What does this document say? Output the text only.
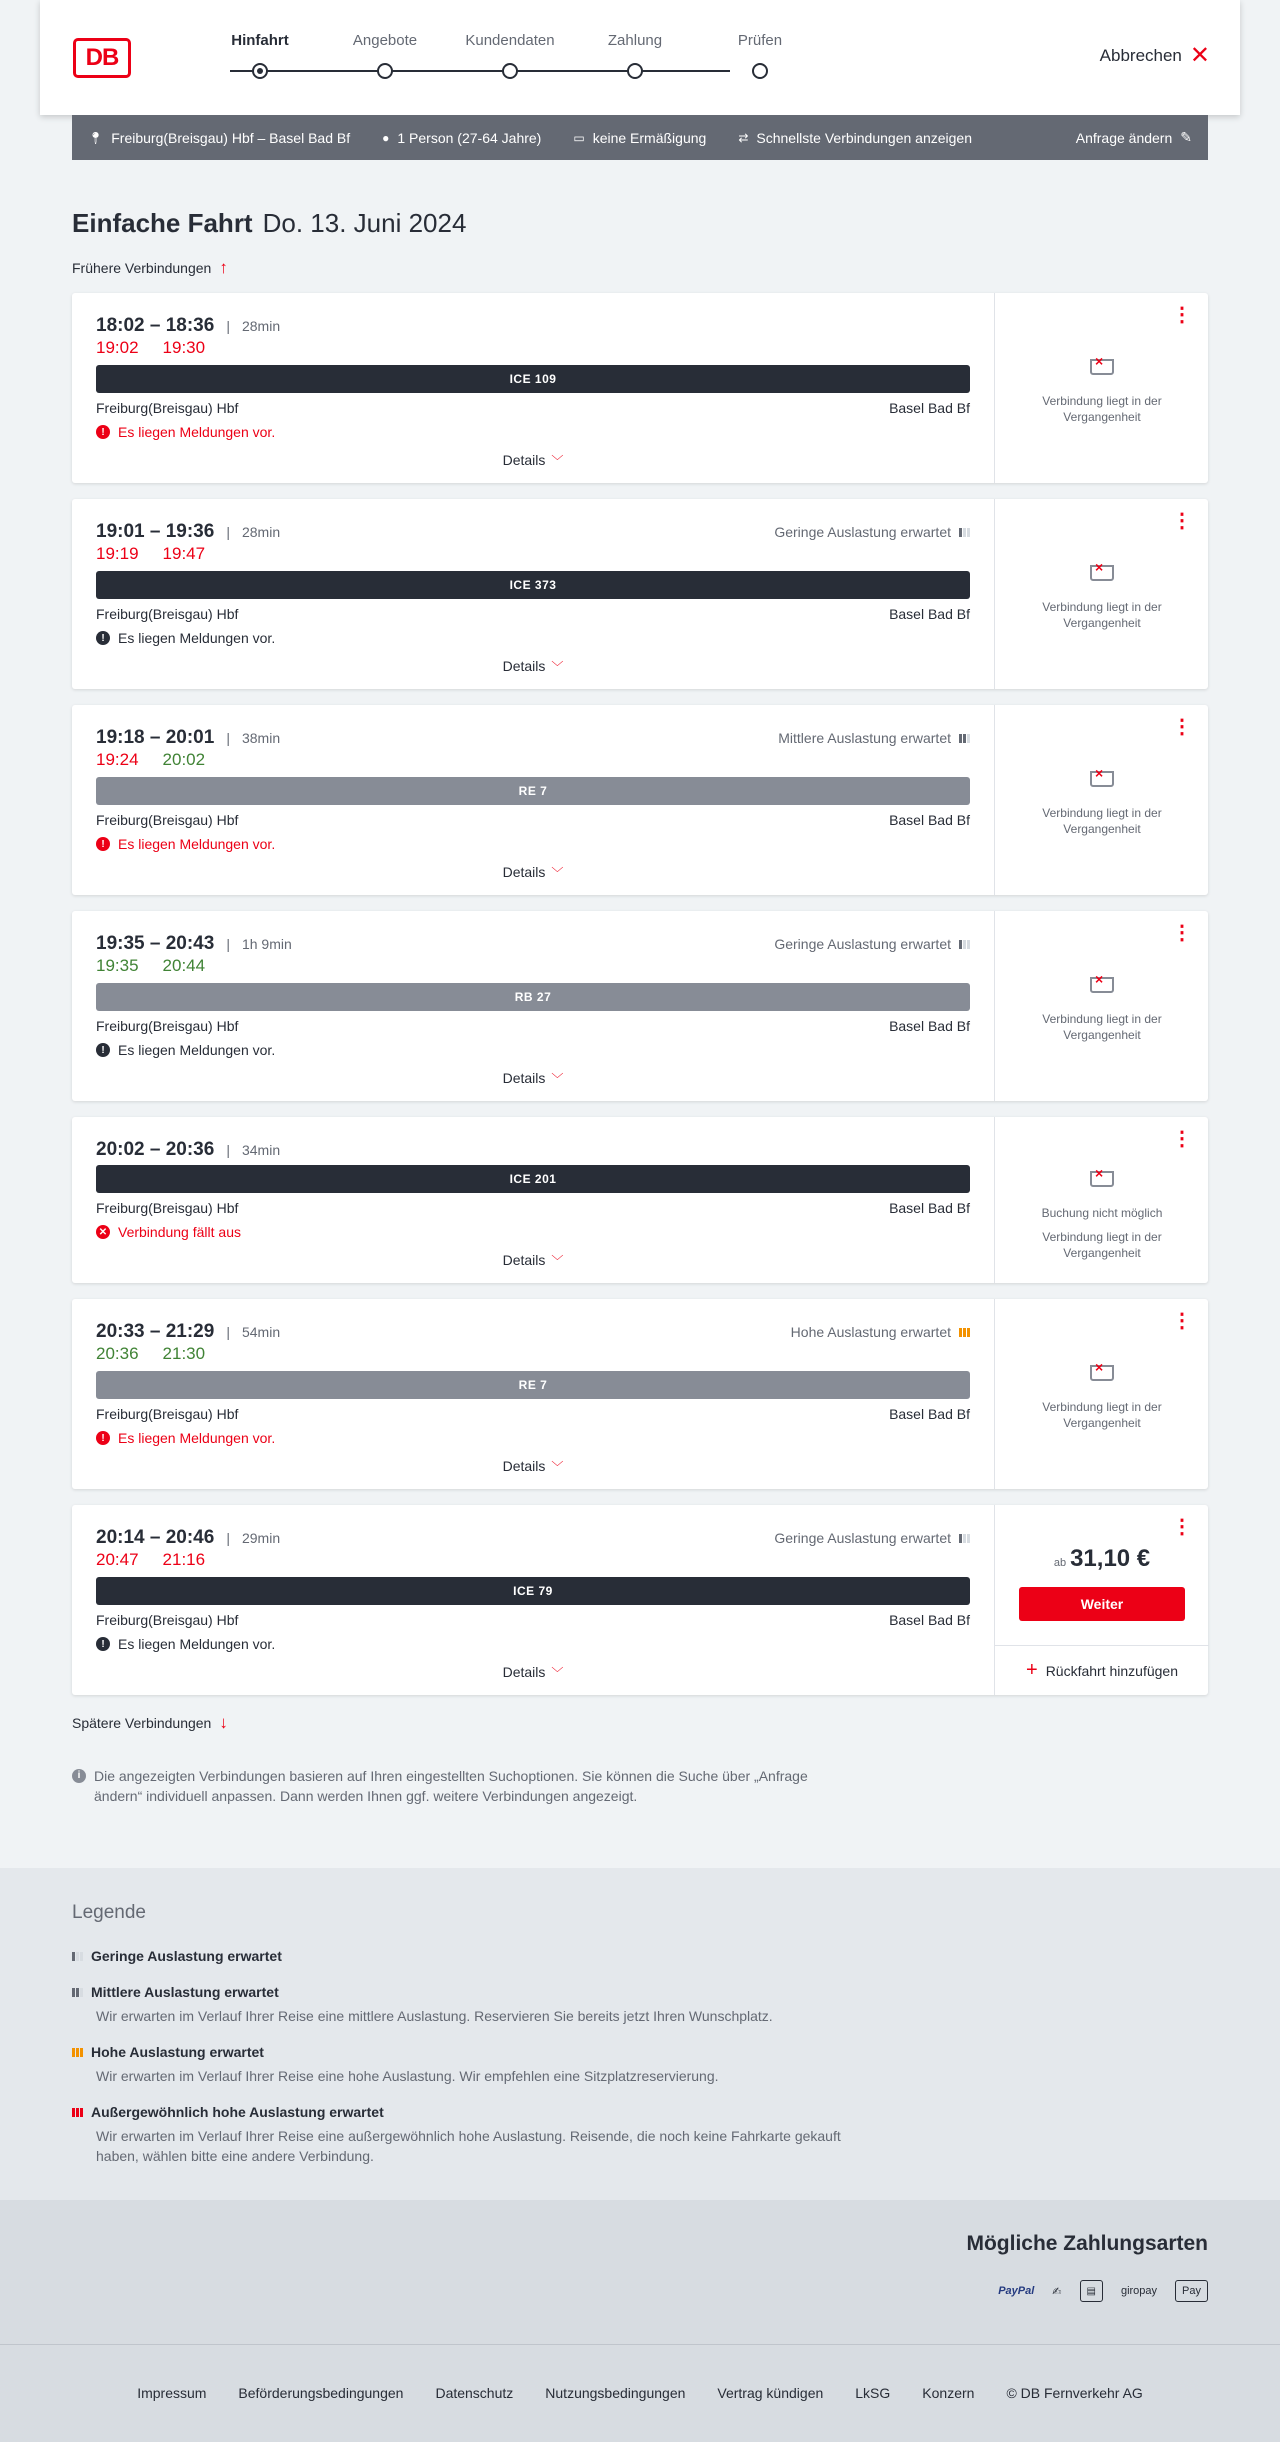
DB
Hinfahrt	Angebote	Kundendaten	Zahlung	Prüfen
Abbrechen ✕
📍︎ Freiburg(Breisgau) Hbf – Basel Bad Bf	● 1 Person (27-64 Jahre)	▭ keine Ermäßigung	⇄ Schnellste Verbindungen anzeigen	Anfrage ändern ✎
Einfache Fahrt Do. 13. Juni 2024
Frühere Verbindungen ↑
18:02 – 18:36 | 28min
19:02 19:30
ICE 109
Freiburg(Breisgau) Hbf	Basel Bad Bf
! Es liegen Meldungen vor.
Details ﹀
⋮
×
Verbindung liegt in der
Vergangenheit
19:01 – 19:36 | 28min
19:19 19:47
Geringe Auslastung erwartet
ICE 373
Freiburg(Breisgau) Hbf	Basel Bad Bf
! Es liegen Meldungen vor.
Details ﹀
⋮
×
Verbindung liegt in der
Vergangenheit
19:18 – 20:01 | 38min
19:24 20:02
Mittlere Auslastung erwartet
RE 7
Freiburg(Breisgau) Hbf	Basel Bad Bf
! Es liegen Meldungen vor.
Details ﹀
⋮
×
Verbindung liegt in der
Vergangenheit
19:35 – 20:43 | 1h 9min
19:35 20:44
Geringe Auslastung erwartet
RB 27
Freiburg(Breisgau) Hbf	Basel Bad Bf
! Es liegen Meldungen vor.
Details ﹀
⋮
×
Verbindung liegt in der
Vergangenheit
20:02 – 20:36 | 34min
ICE 201
Freiburg(Breisgau) Hbf	Basel Bad Bf
✕ Verbindung fällt aus
Details ﹀
⋮
×
Buchung nicht möglich
Verbindung liegt in der
Vergangenheit
20:33 – 21:29 | 54min
20:36 21:30
Hohe Auslastung erwartet
RE 7
Freiburg(Breisgau) Hbf	Basel Bad Bf
! Es liegen Meldungen vor.
Details ﹀
⋮
×
Verbindung liegt in der
Vergangenheit
20:14 – 20:46 | 29min
20:47 21:16
Geringe Auslastung erwartet
ICE 79
Freiburg(Breisgau) Hbf	Basel Bad Bf
! Es liegen Meldungen vor.
Details ﹀
⋮
ab 31,10 €
Weiter
+ Rückfahrt hinzufügen
Spätere Verbindungen ↓
i Die angezeigten Verbindungen basieren auf Ihren eingestellten Suchoptionen. Sie können die Suche über „Anfrage ändern“ individuell anpassen. Dann werden Ihnen ggf. weitere Verbindungen angezeigt.
Legende
Geringe Auslastung erwartet
Mittlere Auslastung erwartet
Wir erwarten im Verlauf Ihrer Reise eine mittlere Auslastung. Reservieren Sie bereits jetzt Ihren Wunschplatz.
Hohe Auslastung erwartet
Wir erwarten im Verlauf Ihrer Reise eine hohe Auslastung. Wir empfehlen eine Sitzplatzreservierung.
Außergewöhnlich hohe Auslastung erwartet
Wir erwarten im Verlauf Ihrer Reise eine außergewöhnlich hohe Auslastung. Reisende, die noch keine Fahrkarte gekauft haben, wählen bitte eine andere Verbindung.
Mögliche Zahlungsarten
PayPal ✍︎	▤	giropay Pay
Impressum Beförderungsbedingungen Datenschutz Nutzungsbedingungen Vertrag kündigen LkSG Konzern © DB Fernverkehr AG
